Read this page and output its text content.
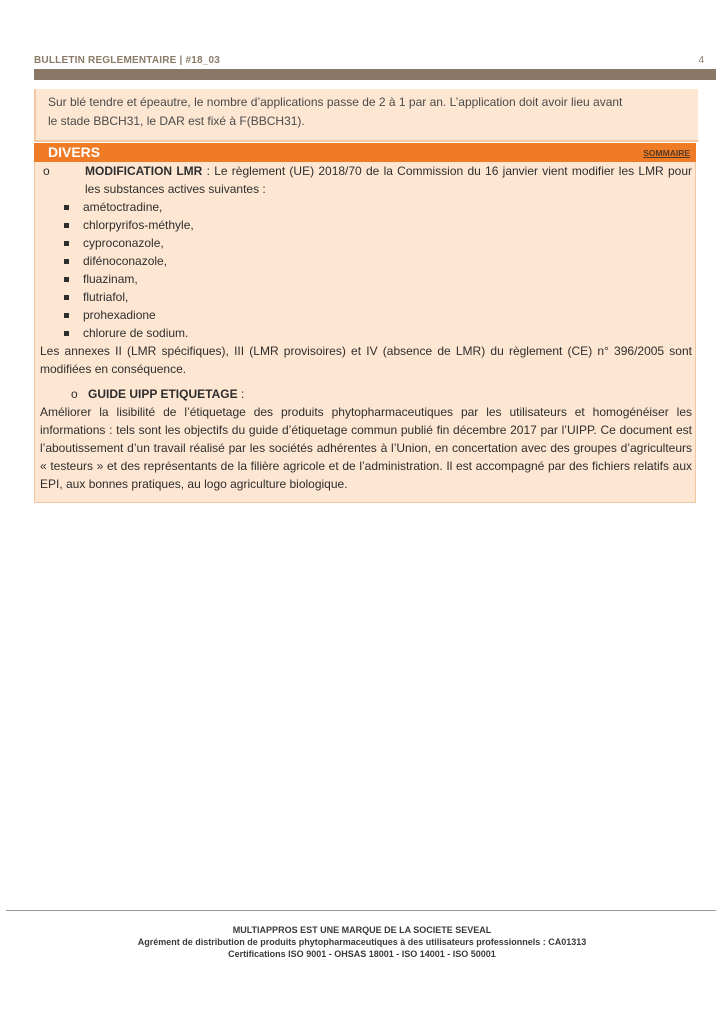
BULLETIN REGLEMENTAIRE | #18_03	4
Sur blé tendre et épeautre, le nombre d’applications passe de 2 à 1 par an. L’application doit avoir lieu avant
le stade BBCH31, le DAR est fixé à F(BBCH31).
DIVERS	SOMMAIRE

o	MODIFICATION LMR : Le règlement (UE) 2018/70 de la Commission du 16 janvier vient modifier les LMR pour les substances actives suivantes :

amétoctradine,
chlorpyrifos-méthyle,
cyproconazole,
difénoconazole,
fluazinam,
flutriafol,
prohexadione
chlorure de sodium.

Les annexes II (LMR spécifiques), III (LMR provisoires) et IV (absence de LMR) du règlement (CE) n° 396/2005 sont modifiées en conséquence.

o GUIDE UIPP ETIQUETAGE :

Améliorer la lisibilité de l’étiquetage des produits phytopharmaceutiques par les utilisateurs et homogénéiser les informations : tels sont les objectifs du guide d’étiquetage commun publié fin décembre 2017 par l’UIPP. Ce document est l’aboutissement d’un travail réalisé par les sociétés adhérentes à l’Union, en concertation avec des groupes d’agriculteurs « testeurs » et des représentants de la filière agricole et de l’administration. Il est accompagné par des fichiers relatifs aux EPI, aux bonnes pratiques, au logo agriculture biologique.

MULTIAPPROS EST UNE MARQUE DE LA SOCIETE SEVEAL
Agrément de distribution de produits phytopharmaceutiques à des utilisateurs professionnels : CA01313
Certifications ISO 9001 - OHSAS 18001 - ISO 14001 - ISO 50001
